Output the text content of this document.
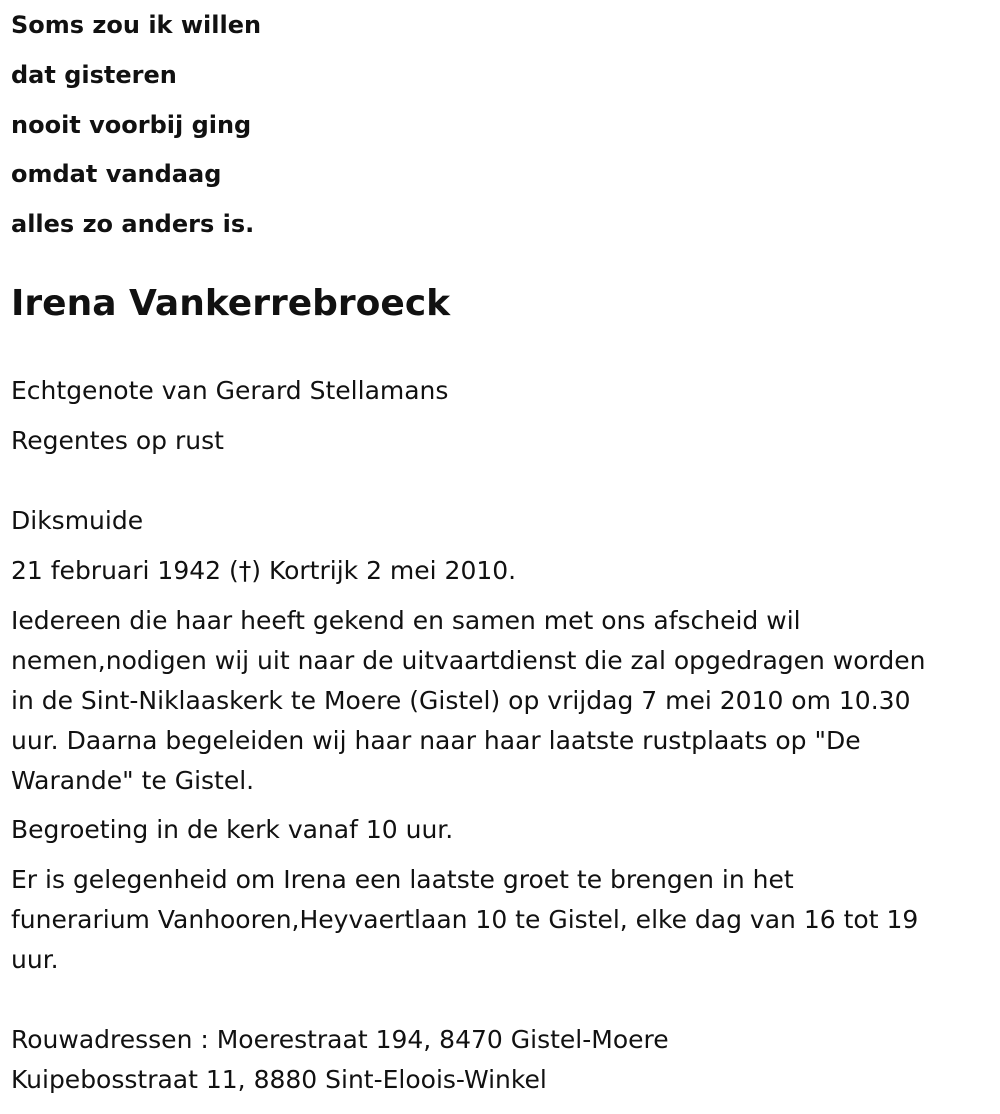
Soms zou ik willen
dat gisteren
nooit voorbij ging
omdat vandaag
alles zo anders is.
Irena Vankerrebroeck
Echtgenote van Gerard Stellamans
Regentes op rust
Diksmuide
21 februari 1942 (†) Kortrijk 2 mei 2010.
Iedereen die haar heeft gekend en samen met ons afscheid wil
nemen,nodigen wij uit naar de uitvaartdienst die zal opgedragen worden
in de Sint-Niklaaskerk te Moere (Gistel) op vrijdag 7 mei 2010 om 10.30
uur. Daarna begeleiden wij haar naar haar laatste rustplaats op "De
Warande" te Gistel.
Begroeting in de kerk vanaf 10 uur.
Er is gelegenheid om Irena een laatste groet te brengen in het
funerarium Vanhooren,Heyvaertlaan 10 te Gistel, elke dag van 16 tot 19
uur.
Rouwadressen : Moerestraat 194, 8470 Gistel-Moere
Kuipebosstraat 11, 8880 Sint-Eloois-Winkel
